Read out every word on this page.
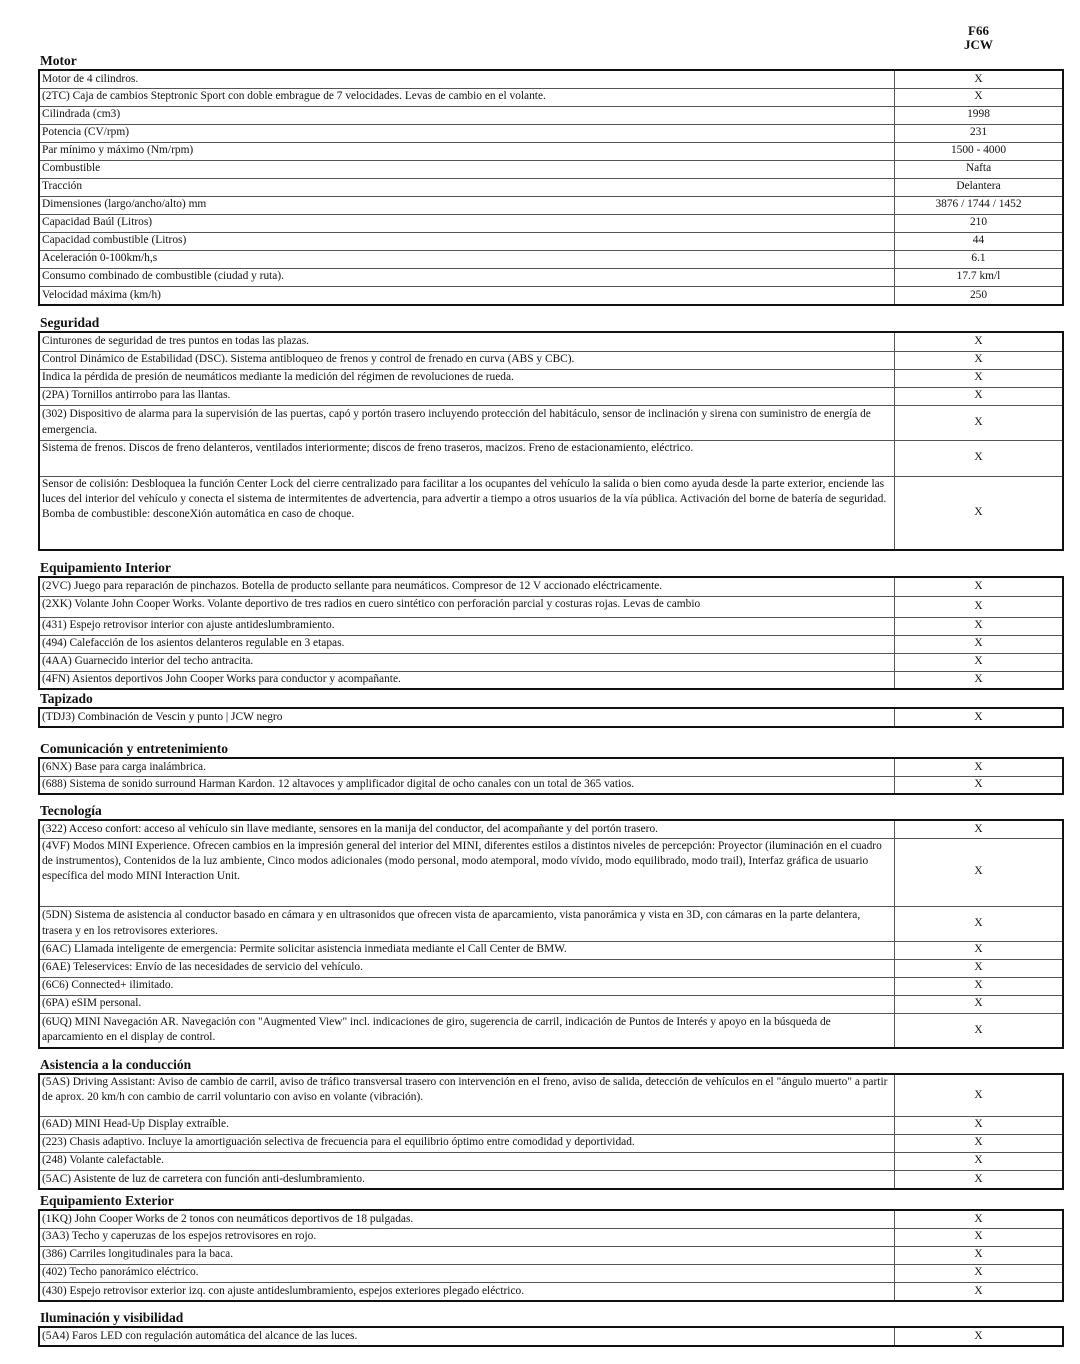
F66
JCW
Motor
Motor de 4 cilindros.	X
(2TC) Caja de cambios Steptronic Sport con doble embrague de 7 velocidades. Levas de cambio en el volante.	X
Cilindrada (cm3)	1998
Potencia (CV/rpm)	231
Par mínimo y máximo (Nm/rpm)	1500 - 4000
Combustible	Nafta
Tracción	Delantera
Dimensiones (largo/ancho/alto) mm	3876 / 1744 / 1452
Capacidad Baúl (Litros)	210
Capacidad combustible (Litros)	44
Aceleración 0-100km/h,s	6.1
Consumo combinado de combustible (ciudad y ruta).	17.7 km/l
Velocidad máxima (km/h)	250
Seguridad
Cinturones de seguridad de tres puntos en todas las plazas.	X
Control Dinámico de Estabilidad (DSC). Sistema antibloqueo de frenos y control de frenado en curva (ABS y CBC).	X
Indica la pérdida de presión de neumáticos mediante la medición del régimen de revoluciones de rueda.	X
(2PA) Tornillos antirrobo para las llantas.	X
(302) Dispositivo de alarma para la supervisión de las puertas, capó y portón trasero incluyendo protección del habitáculo, sensor de inclinación y sirena con suministro de energía de emergencia.	X
Sistema de frenos. Discos de freno delanteros, ventilados interiormente; discos de freno traseros, macizos. Freno de estacionamiento, eléctrico.	X
Sensor de colisión: Desbloquea la función Center Lock del cierre centralizado para facilitar a los ocupantes del vehículo la salida o bien como ayuda desde la parte exterior, enciende las luces del interior del vehículo y conecta el sistema de intermitentes de advertencia, para advertir a tiempo a otros usuarios de la vía pública. Activación del borne de batería de seguridad. Bomba de combustible: desconeXión automática en caso de choque.	X
Equipamiento Interior
(2VC) Juego para reparación de pinchazos. Botella de producto sellante para neumáticos. Compresor de 12 V accionado eléctricamente.	X
(2XK) Volante John Cooper Works. Volante deportivo de tres radios en cuero sintético con perforación parcial y costuras rojas. Levas de cambio	X
(431) Espejo retrovisor interior con ajuste antideslumbramiento.	X
(494) Calefacción de los asientos delanteros regulable en 3 etapas.	X
(4AA) Guarnecido interior del techo antracita.	X
(4FN) Asientos deportivos John Cooper Works para conductor y acompañante.	X
Tapizado
(TDJ3) Combinación de Vescin y punto | JCW negro	X
Comunicación y entretenimiento
(6NX) Base para carga inalámbrica.	X
(688) Sistema de sonido surround Harman Kardon. 12 altavoces y amplificador digital de ocho canales con un total de 365 vatios.	X
Tecnología
(322) Acceso confort: acceso al vehículo sin llave mediante, sensores en la manija del conductor, del acompañante y del portón trasero.	X
(4VF) Modos MINI Experience. Ofrecen cambios en la impresión general del interior del MINI, diferentes estilos a distintos niveles de percepción: Proyector (iluminación en el cuadro de instrumentos), Contenidos de la luz ambiente, Cinco modos adicionales (modo personal, modo atemporal, modo vívido, modo equilibrado, modo trail), Interfaz gráfica de usuario específica del modo MINI Interaction Unit.	X
(5DN) Sistema de asistencia al conductor basado en cámara y en ultrasonidos que ofrecen vista de aparcamiento, vista panorámica y vista en 3D, con cámaras en la parte delantera, trasera y en los retrovisores exteriores.	X
(6AC) Llamada inteligente de emergencia: Permite solicitar asistencia inmediata mediante el Call Center de BMW.	X
(6AE) Teleservices: Envío de las necesidades de servicio del vehículo.	X
(6C6) Connected+ ilimitado.	X
(6PA) eSIM personal.	X
(6UQ) MINI Navegación AR. Navegación con "Augmented View" incl. indicaciones de giro, sugerencia de carril, indicación de Puntos de Interés y apoyo en la búsqueda de aparcamiento en el display de control.	X
Asistencia a la conducción
(5AS) Driving Assistant: Aviso de cambio de carril, aviso de tráfico transversal trasero con intervención en el freno, aviso de salida, detección de vehículos en el "ángulo muerto" a partir de aprox. 20 km/h con cambio de carril voluntario con aviso en volante (vibración).	X
(6AD) MINI Head-Up Display extraíble.	X
(223) Chasis adaptivo. Incluye la amortiguación selectiva de frecuencia para el equilibrio óptimo entre comodidad y deportividad.	X
(248) Volante calefactable.	X
(5AC) Asistente de luz de carretera con función anti-deslumbramiento.	X
Equipamiento Exterior
(1KQ) John Cooper Works de 2 tonos con neumáticos deportivos de 18 pulgadas.	X
(3A3) Techo y caperuzas de los espejos retrovisores en rojo.	X
(386) Carriles longitudinales para la baca.	X
(402) Techo panorámico eléctrico.	X
(430) Espejo retrovisor exterior izq. con ajuste antideslumbramiento, espejos exteriores plegado eléctrico.	X
Iluminación y visibilidad
(5A4) Faros LED con regulación automática del alcance de las luces.	X
